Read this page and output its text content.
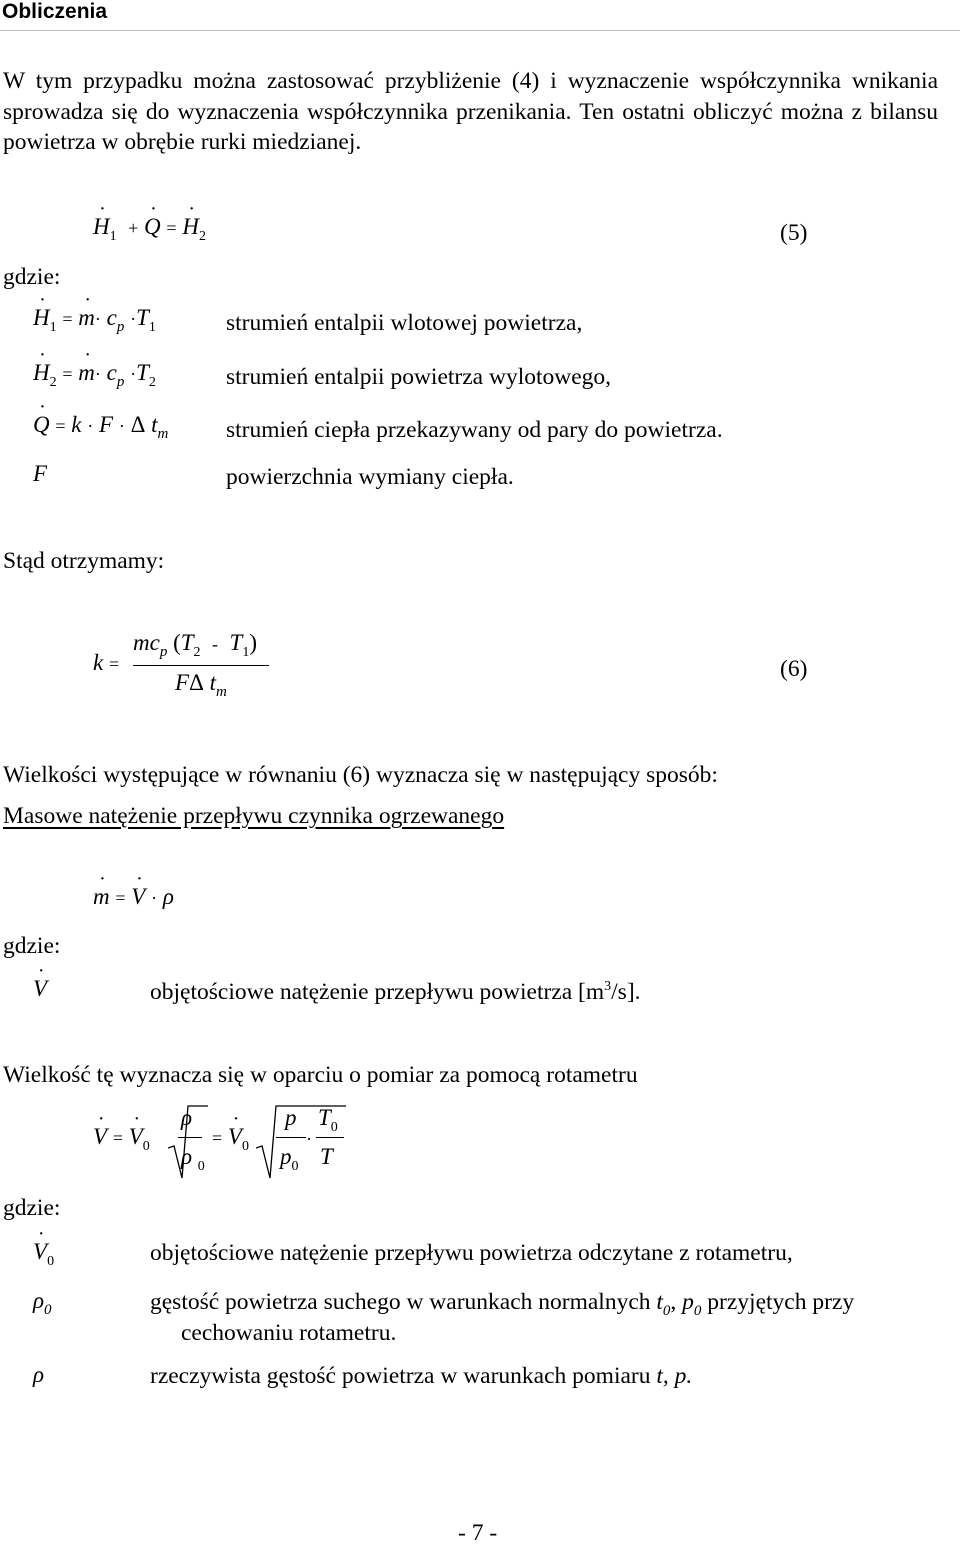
Obliczenia
W tym przypadku można zastosować przybliżenie (4) i wyznaczenie współczynnika wnikania sprowadza się do wyznaczenia współczynnika przenikania. Ten ostatni obliczyć można z bilansu powietrza w obrębie rurki miedzianej.
˙ $H_1$ + ˙ Q = ˙ $H_2$	(5)
gdzie:
˙ $H_1$ = ˙ $m\cdot c_p \cdot T_1$	strumień entalpii wlotowej powietrza,
˙ $H_2$ = ˙ $m\cdot c_p \cdot T_2$	strumień entalpii powietrza wylotowego,
˙ Q = k · F · Δ $t_m$ strumień ciepła przekazywany od pary do powietrza.
F	powierzchnia wymiany ciepła.
Stąd otrzymamy:
k =
$mc_p$ $(T_2 - T_1)$
FΔ $t_m$
(6)
Wielkości występujące w równaniu (6) wyznacza się w następujący sposób:
Masowe natężenie przepływu czynnika ogrzewanego
˙ m = ˙ V · ρ
gdzie:
˙ V	objętościowe natężenie przepływu powietrza $[m^3/s]$.
Wielkość tę wyznacza się w oparciu o pomiar za pomocą rotametru
˙ V = ˙ $V_0$
ρ
ρ $_0$
= ˙ $V_0$
p
$p_0$
·
$T_0$
T
gdzie:
˙ $V_0$	objętościowe natężenie przepływu powietrza odczytane z rotametru,
$\rho_0$	gęstość powietrza suchego w warunkach normalnych $t_0$, $p_0$ przyjętych przy
cechowaniu rotametru.
ρ	rzeczywista gęstość powietrza w warunkach pomiaru t, p.
- 7 -
